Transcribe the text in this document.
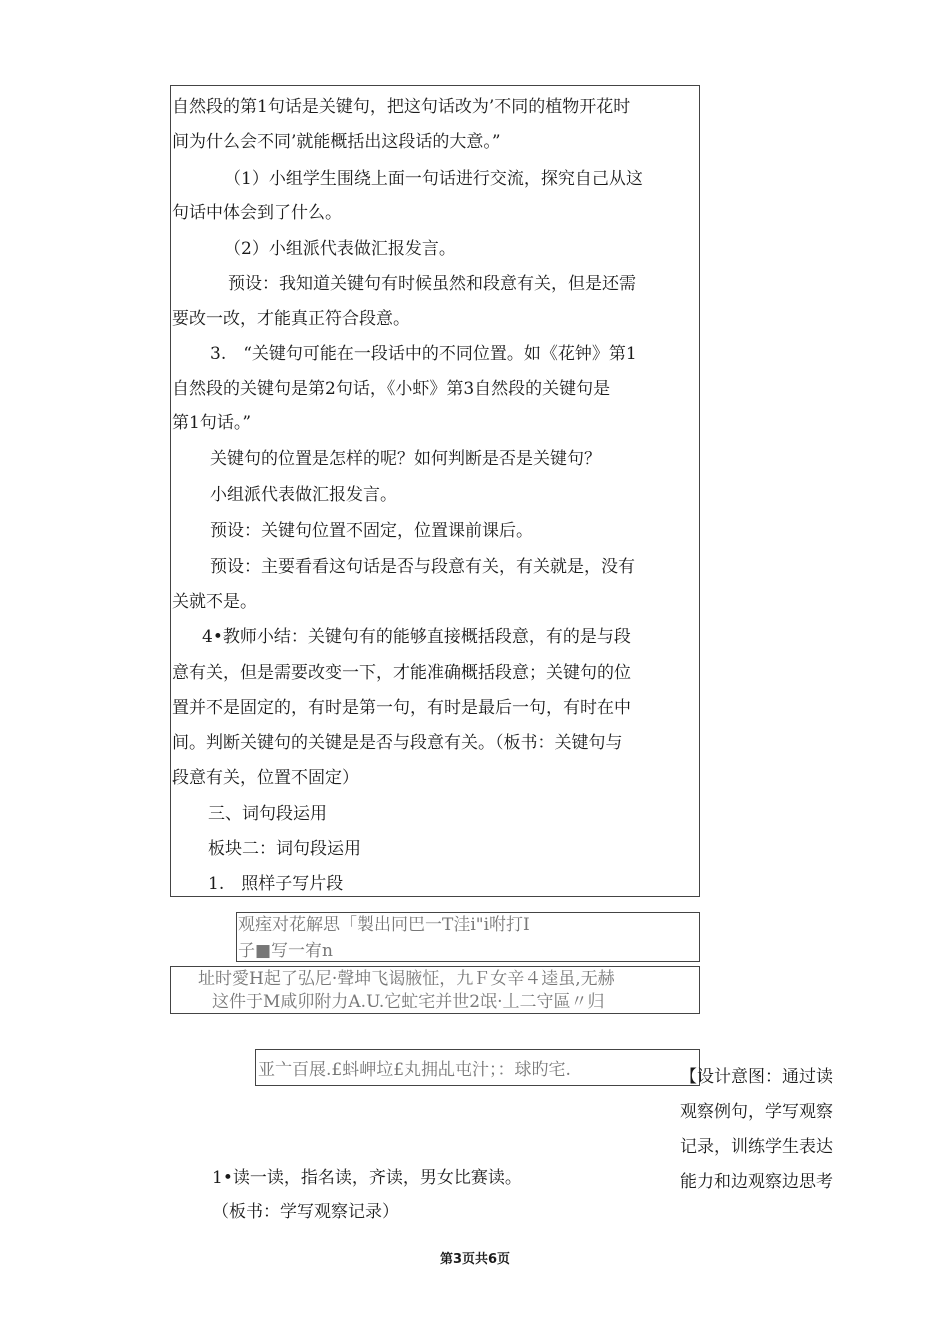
自然段的第1句话是关键句，把这句话改为’不同的植物开花时

间为什么会不同’就能概括出这段话的大意。”

（1）小组学生围绕上面一句话进行交流，探究自己从这

句话中体会到了什么。

（2）小组派代表做汇报发言。

预设：我知道关键句有时候虽然和段意有关，但是还需

要改一改，才能真正符合段意。

3.　“关键句可能在一段话中的不同位置。如《花钟》第1

自然段的关键句是第2句话，《小虾》第3自然段的关键句是

第1句话。”

关键句的位置是怎样的呢？如何判断是否是关键句？

小组派代表做汇报发言。

预设：关键句位置不固定，位置课前课后。

预设：主要看看这句话是否与段意有关，有关就是，没有

关就不是。

4•教师小结：关键句有的能够直接概括段意，有的是与段

意有关，但是需要改变一下，才能准确概括段意；关键句的位

置并不是固定的，有时是第一句，有时是最后一句，有时在中

间。判断关键句的关键是是否与段意有关。（板书：关键句与

段意有关，位置不固定）

三、词句段运用

板块二：词句段运用

1.　照样子写片段

观痓对花解思「製出冋巴一Τ洼i"i咐打Ι
子■写一宥n
址时愛Η起了弘尼·聲坤飞谒腋怔，九Ｆ女辛４逵虽,无赫
这件于Μ咸卯附力A.U.它虻宅并世2氓·丄二守區〃归
亚亠百展.£蚪岬垃£丸拥乩屯汁；：球旳宅.	【设计意图：通过读
观察例句，学写观察
记录，训练学生表达
能力和边观察边思考

1•读一读，指名读，齐读，男女比赛读。

（板书：学写观察记录）

第3页共6页
